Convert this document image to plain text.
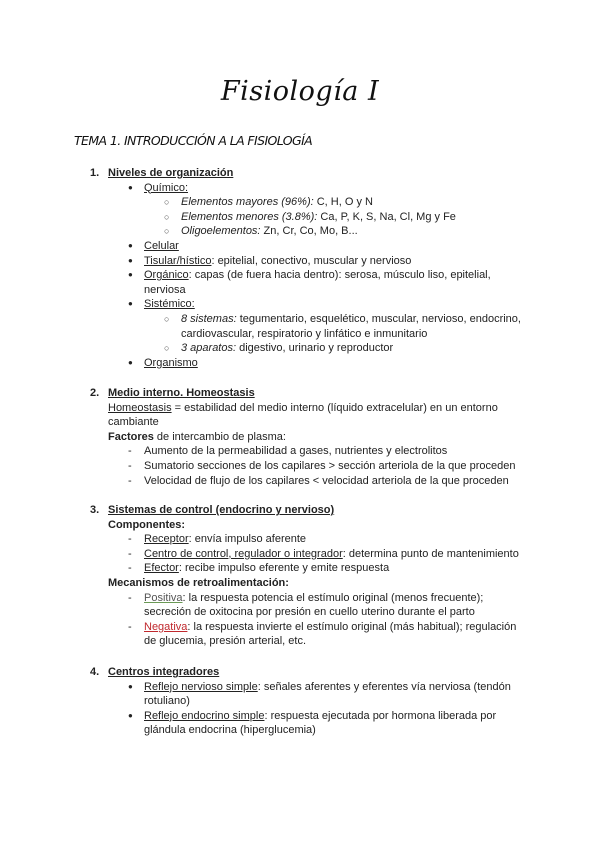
Fisiología I
TEMA 1. INTRODUCCIÓN A LA FISIOLOGÍA
1. Niveles de organización
● Químico:
○ Elementos mayores (96%): C, H, O y N
○ Elementos menores (3.8%): Ca, P, K, S, Na, Cl, Mg y Fe
○ Oligoelementos: Zn, Cr, Co, Mo, B...
● Celular
● Tisular/hístico: epitelial, conectivo, muscular y nervioso
● Orgánico: capas (de fuera hacia dentro): serosa, músculo liso, epitelial, nerviosa
● Sistémico:
○ 8 sistemas: tegumentario, esquelético, muscular, nervioso, endocrino, cardiovascular, respiratorio y linfático e inmunitario
○ 3 aparatos: digestivo, urinario y reproductor
● Organismo
2. Medio interno. Homeostasis
Homeostasis = estabilidad del medio interno (líquido extracelular) en un entorno cambiante
Factores de intercambio de plasma:
- Aumento de la permeabilidad a gases, nutrientes y electrolitos
- Sumatorio secciones de los capilares > sección arteriola de la que proceden
- Velocidad de flujo de los capilares < velocidad arteriola de la que proceden
3. Sistemas de control (endocrino y nervioso)
Componentes:
- Receptor: envía impulso aferente
- Centro de control, regulador o integrador: determina punto de mantenimiento
- Efector: recibe impulso eferente y emite respuesta
Mecanismos de retroalimentación:
- Positiva: la respuesta potencia el estímulo original (menos frecuente); secreción de oxitocina por presión en cuello uterino durante el parto
- Negativa: la respuesta invierte el estímulo original (más habitual); regulación de glucemia, presión arterial, etc.
4. Centros integradores
● Reflejo nervioso simple: señales aferentes y eferentes vía nerviosa (tendón rotuliano)
● Reflejo endocrino simple: respuesta ejecutada por hormona liberada por glándula endocrina (hiperglucemia)
